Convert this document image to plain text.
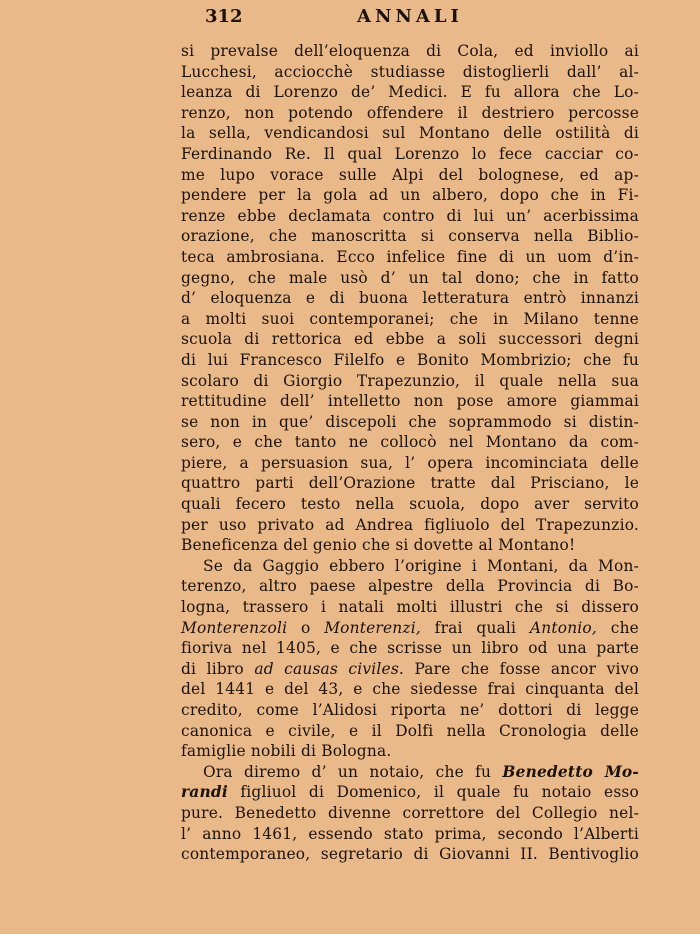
312	ANNALI
si prevalse dell’eloquenza di Cola, ed inviollo ai
Lucchesi, acciocchè studiasse distoglierli dall’ al-
leanza di Lorenzo de’ Medici. E fu allora che Lo-
renzo, non potendo offendere il destriero percosse
la sella, vendicandosi sul Montano delle ostilità di
Ferdinando Re. Il qual Lorenzo lo fece cacciar co-
me lupo vorace sulle Alpi del bolognese, ed ap-
pendere per la gola ad un albero, dopo che in Fi-
renze ebbe declamata contro di lui un’ acerbissima
orazione, che manoscritta si conserva nella Biblio-
teca ambrosiana. Ecco infelice fine di un uom d’in-
gegno, che male usò d’ un tal dono; che in fatto
d’ eloquenza e di buona letteratura entrò innanzi
a molti suoi contemporanei; che in Milano tenne
scuola di rettorica ed ebbe a soli successori degni
di lui Francesco Filelfo e Bonito Mombrizio; che fu
scolaro di Giorgio Trapezunzio, il quale nella sua
rettitudine dell’ intelletto non pose amore giammai
se non in que’ discepoli che soprammodo si distin-
sero, e che tanto ne collocò nel Montano da com-
piere, a persuasion sua, l’ opera incominciata delle
quattro parti dell’Orazione tratte dal Prisciano, le
quali fecero testo nella scuola, dopo aver servito
per uso privato ad Andrea figliuolo del Trapezunzio.
Beneficenza del genio che si dovette al Montano!
Se da Gaggio ebbero l’origine i Montani, da Mon-
terenzo, altro paese alpestre della Provincia di Bo-
logna, trassero i natali molti illustri che si dissero
Monterenzoli o Monterenzi, frai quali Antonio, che
fioriva nel 1405, e che scrisse un libro od una parte
di libro ad causas civiles. Pare che fosse ancor vivo
del 1441 e del 43, e che siedesse frai cinquanta del
credito, come l’Alidosi riporta ne’ dottori di legge
canonica e civile, e il Dolfi nella Cronologia delle
famiglie nobili di Bologna.
Ora diremo d’ un notaio, che fu Benedetto Mo-
randi figliuol di Domenico, il quale fu notaio esso
pure. Benedetto divenne correttore del Collegio nel-
l’ anno 1461, essendo stato prima, secondo l’Alberti
contemporaneo, segretario di Giovanni II. Bentivoglio
